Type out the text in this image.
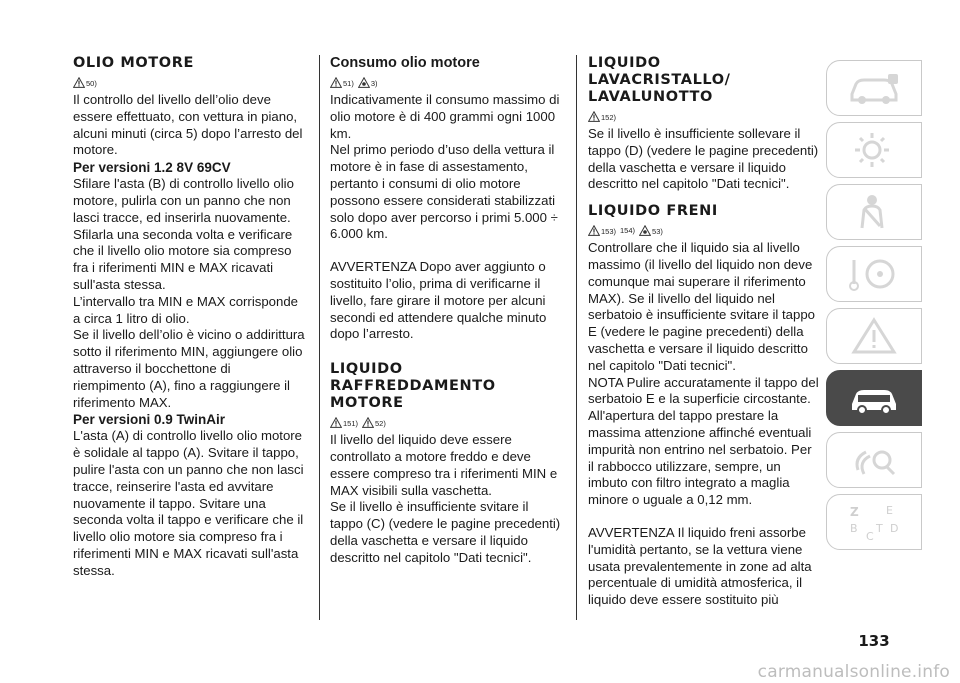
OLIO MOTORE
50)

Il controllo del livello dell’olio deve essere effettuato, con vettura in piano, alcuni minuti (circa 5) dopo l’arresto del motore.

Per versioni 1.2 8V 69CV

Sfilare l'asta (B) di controllo livello olio motore, pulirla con un panno che non lasci tracce, ed inserirla nuovamente. Sfilarla una seconda volta e verificare che il livello olio motore sia compreso fra i riferimenti MIN e MAX ricavati sull'asta stessa.

L’intervallo tra MIN e MAX corrisponde a circa 1 litro di olio.

Se il livello dell’olio è vicino o addirittura sotto il riferimento MIN, aggiungere olio attraverso il bocchettone di riempimento (A), fino a raggiungere il riferimento MAX.

Per versioni 0.9 TwinAir

L'asta (A) di controllo livello olio motore è solidale al tappo (A). Svitare il tappo, pulire l'asta con un panno che non lasci tracce, reinserire l'asta ed avvitare nuovamente il tappo. Svitare una seconda volta il tappo e verificare che il livello olio motore sia compreso fra i riferimenti MIN e MAX ricavati sull'asta stessa.

Consumo olio motore
51) 3)

Indicativamente il consumo massimo di olio motore è di 400 grammi ogni 1000 km.

Nel primo periodo d’uso della vettura il motore è in fase di assestamento, pertanto i consumi di olio motore possono essere considerati stabilizzati solo dopo aver percorso i primi 5.000 ÷ 6.000 km.

AVVERTENZA Dopo aver aggiunto o sostituito l’olio, prima di verificarne il livello, fare girare il motore per alcuni secondi ed attendere qualche minuto dopo l’arresto.

LIQUIDO
RAFFREDDAMENTO
MOTORE
151) 52)

Il livello del liquido deve essere controllato a motore freddo e deve essere compreso tra i riferimenti MIN e MAX visibili sulla vaschetta.

Se il livello è insufficiente svitare il tappo (C) (vedere le pagine precedenti) della vaschetta e versare il liquido descritto nel capitolo "Dati tecnici".

LIQUIDO
LAVACRISTALLO/
LAVALUNOTTO
152)

Se il livello è insufficiente sollevare il tappo (D) (vedere le pagine precedenti) della vaschetta e versare il liquido descritto nel capitolo "Dati tecnici".

LIQUIDO FRENI
153) 154) 53)

Controllare che il liquido sia al livello massimo (il livello del liquido non deve comunque mai superare il riferimento MAX). Se il livello del liquido nel serbatoio è insufficiente svitare il tappo E (vedere le pagine precedenti) della vaschetta e versare il liquido descritto nel capitolo "Dati tecnici".

NOTA Pulire accuratamente il tappo del serbatoio E e la superficie circostante. All'apertura del tappo prestare la massima attenzione affinché eventuali impurità non entrino nel serbatoio. Per il rabbocco utilizzare, sempre, un imbuto con filtro integrato a maglia minore o uguale a 0,12 mm.

AVVERTENZA Il liquido freni assorbe l'umidità pertanto, se la vettura viene usata prevalentemente in zone ad alta percentuale di umidità atmosferica, il liquido deve essere sostituito più

Z E
B
C
T D
133
carmanualsonline.info
